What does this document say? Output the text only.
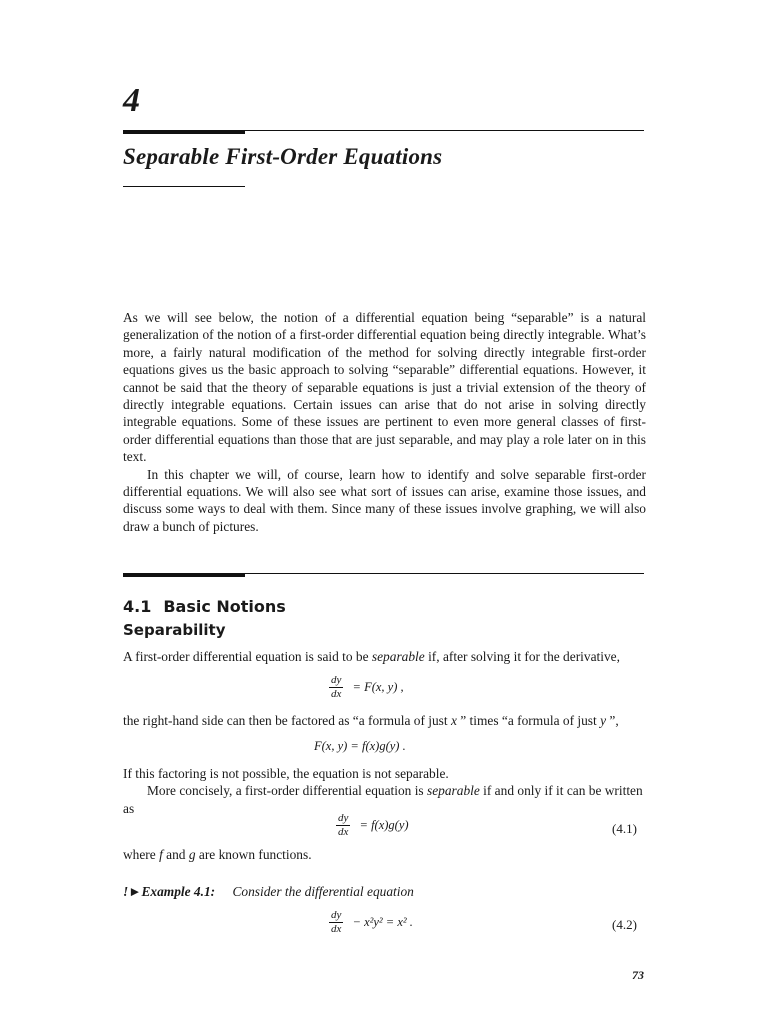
4
Separable First-Order Equations

As we will see below, the notion of a differential equation being “separable” is a natural generalization of the notion of a first-order differential equation being directly integrable. What’s more, a fairly natural modification of the method for solving directly integrable first-order equations gives us the basic approach to solving “separable” differential equations. However, it cannot be said that the theory of separable equations is just a trivial extension of the theory of directly integrable equations. Certain issues can arise that do not arise in solving directly integrable equations. Some of these issues are pertinent to even more general classes of first-order differential equations than those that are just separable, and may play a role later on in this text.

In this chapter we will, of course, learn how to identify and solve separable first-order differential equations. We will also see what sort of issues can arise, examine those issues, and discuss some ways to deal with them. Since many of these issues involve graphing, we will also draw a bunch of pictures.

4.1 Basic Notions
Separability
A first-order differential equation is said to be separable if, after solving it for the derivative,
$\frac{dy}{dx} = F(x$, y) ,
the right-hand side can then be factored as “a formula of just x ” times “a formula of just y ”,
F(x, y) = f(x)g(y) .
If this factoring is not possible, the equation is not separable.
More concisely, a first-order differential equation is separable if and only if it can be written
as
$\frac{dy}{dx} = f(x)g(y)$	(4.1)
where f and g are known functions.
!►Example 4.1: Consider the differential equation
$\frac{dy}{dx} - x^2y^2 = x^2$ .	(4.2)
73
